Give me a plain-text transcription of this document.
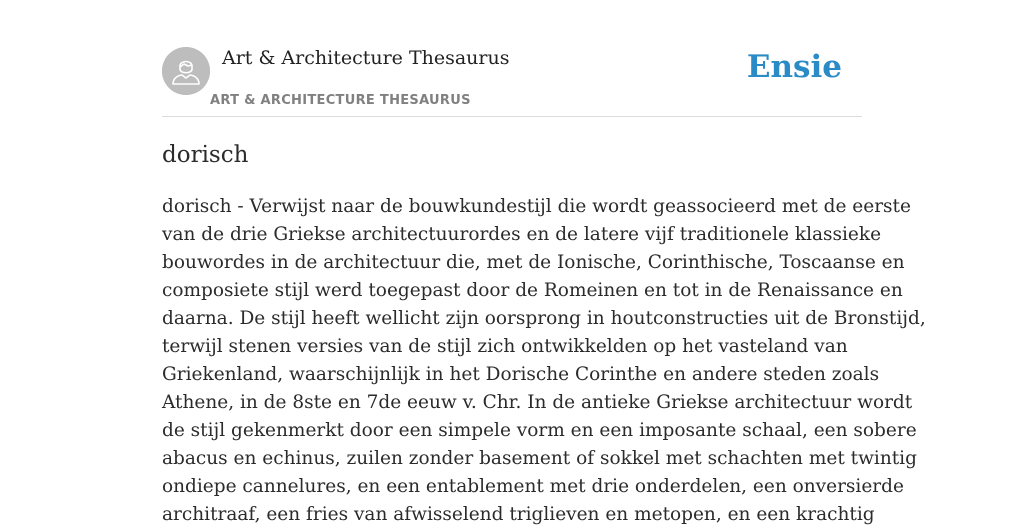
Art & Architecture Thesaurus
ART & ARCHITECTURE THESAURUS
Ensie
dorisch
dorisch - Verwijst naar de bouwkundestijl die wordt geassocieerd met de eerste
van de drie Griekse architectuurordes en de latere vijf traditionele klassieke
bouwordes in de architectuur die, met de Ionische, Corinthische, Toscaanse en
composiete stijl werd toegepast door de Romeinen en tot in de Renaissance en
daarna. De stijl heeft wellicht zijn oorsprong in houtconstructies uit de Bronstijd,
terwijl stenen versies van de stijl zich ontwikkelden op het vasteland van
Griekenland, waarschijnlijk in het Dorische Corinthe en andere steden zoals
Athene, in de 8ste en 7de eeuw v. Chr. In de antieke Griekse architectuur wordt
de stijl gekenmerkt door een simpele vorm en een imposante schaal, een sobere
abacus en echinus, zuilen zonder basement of sokkel met schachten met twintig
ondiepe cannelures, en een entablement met drie onderdelen, een onversierde
architraaf, een fries van afwisselend triglieven en metopen, en een krachtig
